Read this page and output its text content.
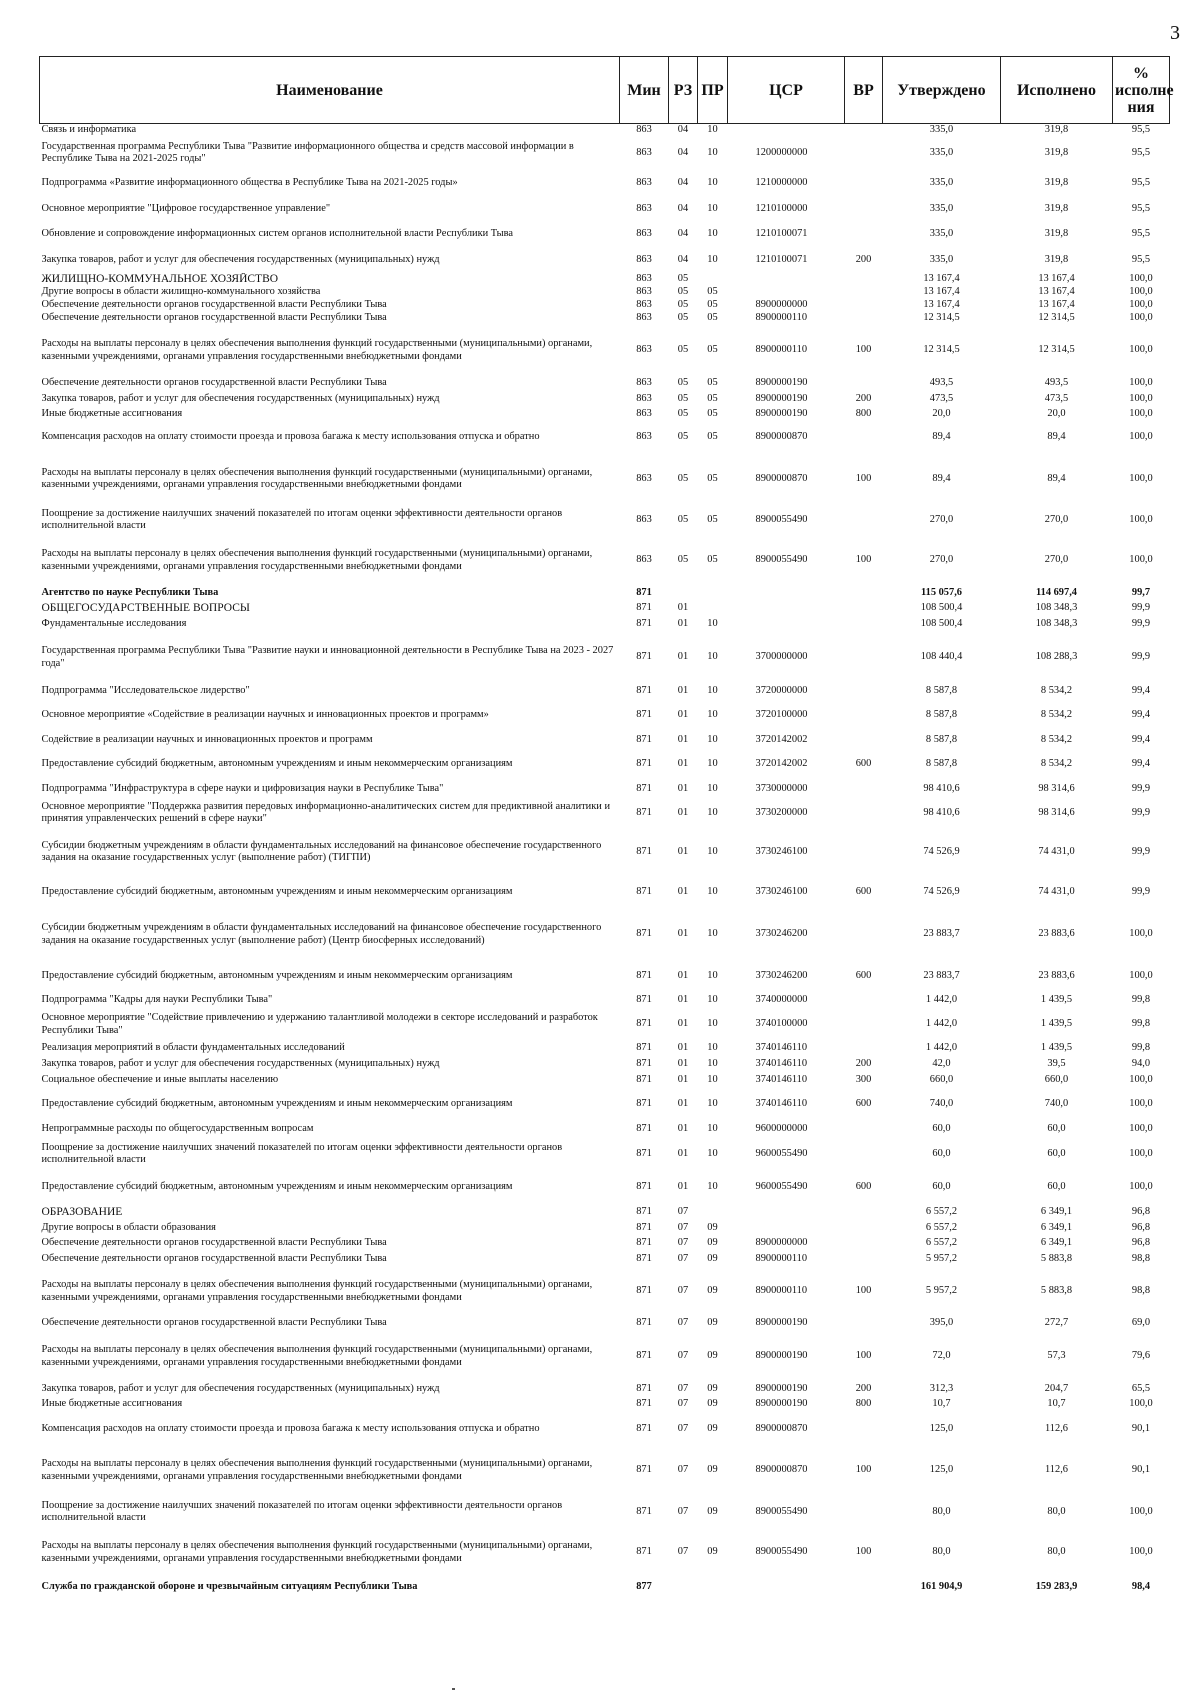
3
Наименование	Мин	РЗ	ПР	ЦСР	ВР	Утверждено	Исполнено	% исполне ния
Связь и информатика	863	04	10			335,0	319,8	95,5
Государственная программа Республики Тыва "Развитие информационного общества и средств массовой информации в Республике Тыва на 2021-2025 годы"	863	04	10	1200000000		335,0	319,8	95,5
Подпрограмма «Развитие информационного общества в Республике Тыва на 2021-2025 годы»	863	04	10	1210000000		335,0	319,8	95,5
Основное мероприятие "Цифровое государственное управление"	863	04	10	1210100000		335,0	319,8	95,5
Обновление и сопровождение информационных систем органов исполнительной власти Республики Тыва	863	04	10	1210100071		335,0	319,8	95,5
Закупка товаров, работ и услуг для обеспечения государственных (муниципальных) нужд	863	04	10	1210100071	200	335,0	319,8	95,5
ЖИЛИЩНО-КОММУНАЛЬНОЕ ХОЗЯЙСТВО	863	05				13 167,4	13 167,4	100,0
Другие вопросы в области жилищно-коммунального хозяйства	863	05	05			13 167,4	13 167,4	100,0
Обеспечение деятельности органов государственной власти Республики Тыва	863	05	05	8900000000		13 167,4	13 167,4	100,0
Обеспечение деятельности органов государственной власти Республики Тыва	863	05	05	8900000110		12 314,5	12 314,5	100,0
Расходы на выплаты персоналу в целях обеспечения выполнения функций государственными (муниципальными) органами, казенными учреждениями, органами управления государственными внебюджетными фондами	863	05	05	8900000110	100	12 314,5	12 314,5	100,0
Обеспечение деятельности органов государственной власти Республики Тыва	863	05	05	8900000190		493,5	493,5	100,0
Закупка товаров, работ и услуг для обеспечения государственных (муниципальных) нужд	863	05	05	8900000190	200	473,5	473,5	100,0
Иные бюджетные ассигнования	863	05	05	8900000190	800	20,0	20,0	100,0
Компенсация расходов на оплату стоимости проезда и провоза багажа к месту использования отпуска и обратно	863	05	05	8900000870		89,4	89,4	100,0
Расходы на выплаты персоналу в целях обеспечения выполнения функций государственными (муниципальными) органами, казенными учреждениями, органами управления государственными внебюджетными фондами	863	05	05	8900000870	100	89,4	89,4	100,0
Поощрение за достижение наилучших значений показателей по итогам оценки эффективности деятельности органов исполнительной власти	863	05	05	8900055490		270,0	270,0	100,0
Расходы на выплаты персоналу в целях обеспечения выполнения функций государственными (муниципальными) органами, казенными учреждениями, органами управления государственными внебюджетными фондами	863	05	05	8900055490	100	270,0	270,0	100,0
Агентство по науке Республики Тыва	871					115 057,6	114 697,4	99,7
ОБЩЕГОСУДАРСТВЕННЫЕ ВОПРОСЫ	871	01				108 500,4	108 348,3	99,9
Фундаментальные исследования	871	01	10			108 500,4	108 348,3	99,9
Государственная программа Республики Тыва "Развитие науки и инновационной деятельности в Республике Тыва на 2023 - 2027 года"	871	01	10	3700000000		108 440,4	108 288,3	99,9
Подпрограмма "Исследовательское лидерство"	871	01	10	3720000000		8 587,8	8 534,2	99,4
Основное мероприятие «Содействие в реализации научных и инновационных проектов и программ»	871	01	10	3720100000		8 587,8	8 534,2	99,4
Содействие в реализации научных и инновационных проектов и программ	871	01	10	3720142002		8 587,8	8 534,2	99,4
Предоставление субсидий бюджетным, автономным учреждениям и иным некоммерческим организациям	871	01	10	3720142002	600	8 587,8	8 534,2	99,4
Подпрограмма "Инфраструктура в сфере науки и цифровизация науки в Республике Тыва"	871	01	10	3730000000		98 410,6	98 314,6	99,9
Основное мероприятие "Поддержка развития передовых информационно-аналитических систем для предиктивной аналитики и принятия управленческих решений в сфере науки"	871	01	10	3730200000		98 410,6	98 314,6	99,9
Субсидии бюджетным учреждениям в области фундаментальных исследований на финансовое обеспечение государственного задания на оказание государственных услуг (выполнение работ) (ТИГПИ)	871	01	10	3730246100		74 526,9	74 431,0	99,9
Предоставление субсидий бюджетным, автономным учреждениям и иным некоммерческим организациям	871	01	10	3730246100	600	74 526,9	74 431,0	99,9
Субсидии бюджетным учреждениям в области фундаментальных исследований на финансовое обеспечение государственного задания на оказание государственных услуг (выполнение работ) (Центр биосферных исследований)	871	01	10	3730246200		23 883,7	23 883,6	100,0
Предоставление субсидий бюджетным, автономным учреждениям и иным некоммерческим организациям	871	01	10	3730246200	600	23 883,7	23 883,6	100,0
Подпрограмма "Кадры для науки Республики Тыва"	871	01	10	3740000000		1 442,0	1 439,5	99,8
Основное мероприятие "Содействие привлечению и удержанию талантливой молодежи в секторе исследований и разработок Республики Тыва"	871	01	10	3740100000		1 442,0	1 439,5	99,8
Реализация мероприятий в области фундаментальных исследований	871	01	10	3740146110		1 442,0	1 439,5	99,8
Закупка товаров, работ и услуг для обеспечения государственных (муниципальных) нужд	871	01	10	3740146110	200	42,0	39,5	94,0
Социальное обеспечение и иные выплаты населению	871	01	10	3740146110	300	660,0	660,0	100,0
Предоставление субсидий бюджетным, автономным учреждениям и иным некоммерческим организациям	871	01	10	3740146110	600	740,0	740,0	100,0
Непрограммные расходы по общегосударственным вопросам	871	01	10	9600000000		60,0	60,0	100,0
Поощрение за достижение наилучших значений показателей по итогам оценки эффективности деятельности органов исполнительной власти	871	01	10	9600055490		60,0	60,0	100,0
Предоставление субсидий бюджетным, автономным учреждениям и иным некоммерческим организациям	871	01	10	9600055490	600	60,0	60,0	100,0
ОБРАЗОВАНИЕ	871	07				6 557,2	6 349,1	96,8
Другие вопросы в области образования	871	07	09			6 557,2	6 349,1	96,8
Обеспечение деятельности органов государственной власти Республики Тыва	871	07	09	8900000000		6 557,2	6 349,1	96,8
Обеспечение деятельности органов государственной власти Республики Тыва	871	07	09	8900000110		5 957,2	5 883,8	98,8
Расходы на выплаты персоналу в целях обеспечения выполнения функций государственными (муниципальными) органами, казенными учреждениями, органами управления государственными внебюджетными фондами	871	07	09	8900000110	100	5 957,2	5 883,8	98,8
Обеспечение деятельности органов государственной власти Республики Тыва	871	07	09	8900000190		395,0	272,7	69,0
Расходы на выплаты персоналу в целях обеспечения выполнения функций государственными (муниципальными) органами, казенными учреждениями, органами управления государственными внебюджетными фондами	871	07	09	8900000190	100	72,0	57,3	79,6
Закупка товаров, работ и услуг для обеспечения государственных (муниципальных) нужд	871	07	09	8900000190	200	312,3	204,7	65,5
Иные бюджетные ассигнования	871	07	09	8900000190	800	10,7	10,7	100,0
Компенсация расходов на оплату стоимости проезда и провоза багажа к месту использования отпуска и обратно	871	07	09	8900000870		125,0	112,6	90,1
Расходы на выплаты персоналу в целях обеспечения выполнения функций государственными (муниципальными) органами, казенными учреждениями, органами управления государственными внебюджетными фондами	871	07	09	8900000870	100	125,0	112,6	90,1
Поощрение за достижение наилучших значений показателей по итогам оценки эффективности деятельности органов исполнительной власти	871	07	09	8900055490		80,0	80,0	100,0
Расходы на выплаты персоналу в целях обеспечения выполнения функций государственными (муниципальными) органами, казенными учреждениями, органами управления государственными внебюджетными фондами	871	07	09	8900055490	100	80,0	80,0	100,0
Служба по гражданской обороне и чрезвычайным ситуациям Республики Тыва	877					161 904,9	159 283,9	98,4
